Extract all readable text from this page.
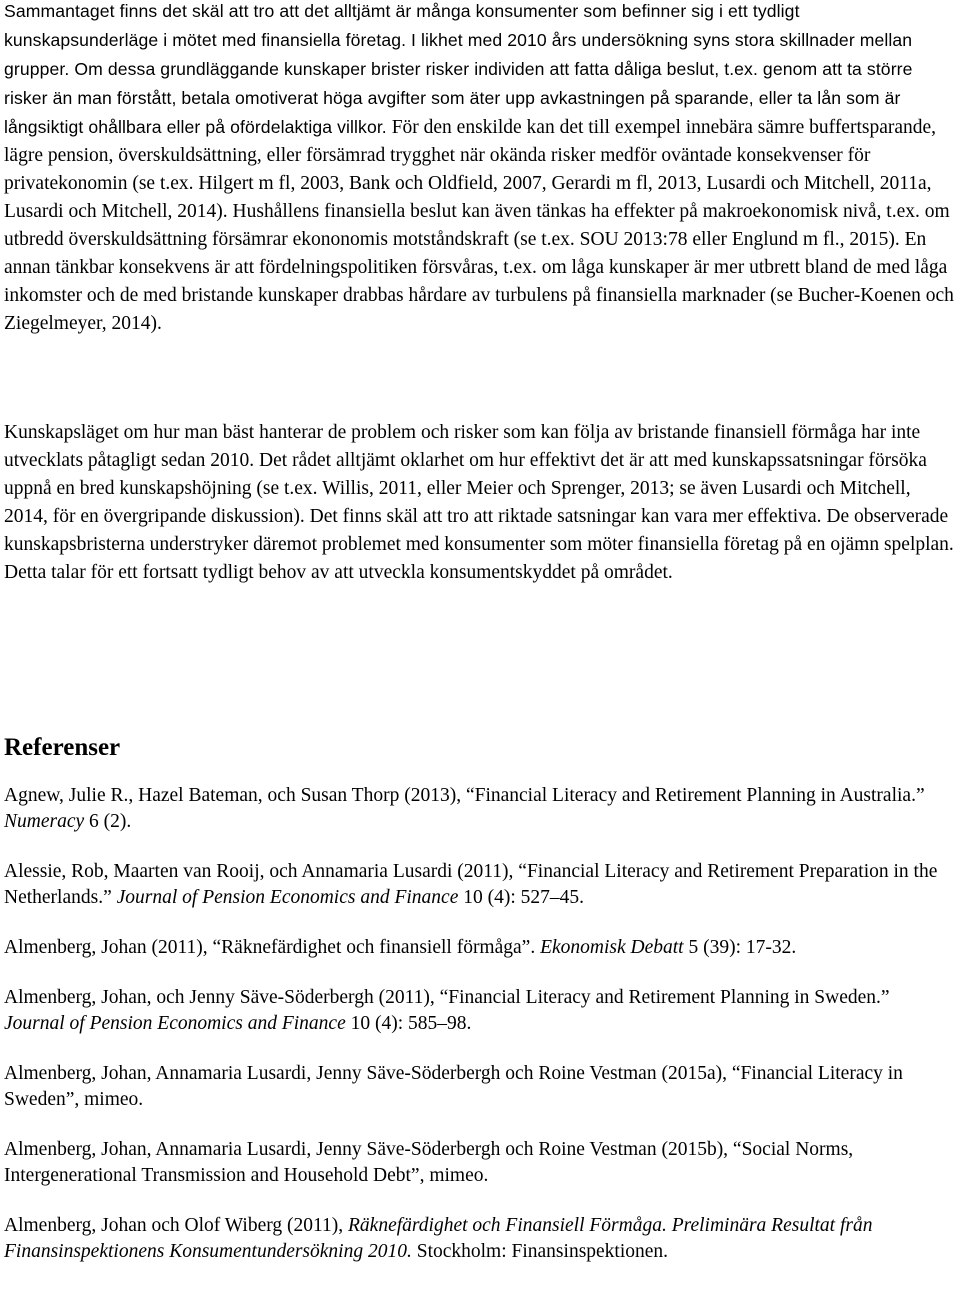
Sammantaget finns det skäl att tro att det alltjämt är många konsumenter som befinner sig i ett tydligt kunskapsunderläge i mötet med finansiella företag. I likhet med 2010 års undersökning syns stora skillnader mellan grupper. Om dessa grundläggande kunskaper brister risker individen att fatta dåliga beslut, t.ex. genom att ta större risker än man förstått, betala omotiverat höga avgifter som äter upp avkastningen på sparande, eller ta lån som är långsiktigt ohållbara eller på ofördelaktiga villkor. För den enskilde kan det till exempel innebära sämre buffertsparande, lägre pension, överskuldsättning, eller försämrad trygghet när okända risker medför oväntade konsekvenser för privatekonomin (se t.ex. Hilgert m fl, 2003, Bank och Oldfield, 2007, Gerardi m fl, 2013, Lusardi och Mitchell, 2011a, Lusardi och Mitchell, 2014). Hushållens finansiella beslut kan även tänkas ha effekter på makroekonomisk nivå, t.ex. om utbredd överskuldsättning försämrar ekononomis motståndskraft (se t.ex. SOU 2013:78 eller Englund m fl., 2015). En annan tänkbar konsekvens är att fördelningspolitiken försvåras, t.ex. om låga kunskaper är mer utbrett bland de med låga inkomster och de med bristande kunskaper drabbas hårdare av turbulens på finansiella marknader (se Bucher-Koenen och Ziegelmeyer, 2014).

Kunskapsläget om hur man bäst hanterar de problem och risker som kan följa av bristande finansiell förmåga har inte utvecklats påtagligt sedan 2010. Det rådet alltjämt oklarhet om hur effektivt det är att med kunskapssatsningar försöka uppnå en bred kunskapshöjning (se t.ex. Willis, 2011, eller Meier och Sprenger, 2013; se även Lusardi och Mitchell, 2014, för en övergripande diskussion). Det finns skäl att tro att riktade satsningar kan vara mer effektiva. De observerade kunskapsbristerna understryker däremot problemet med konsumenter som möter finansiella företag på en ojämn spelplan. Detta talar för ett fortsatt tydligt behov av att utveckla konsumentskyddet på området.

Referenser

Agnew, Julie R., Hazel Bateman, och Susan Thorp (2013), “Financial Literacy and Retirement Planning in Australia.” Numeracy 6 (2).

Alessie, Rob, Maarten van Rooij, och Annamaria Lusardi (2011), “Financial Literacy and Retirement Preparation in the Netherlands.” Journal of Pension Economics and Finance 10 (4): 527–45.

Almenberg, Johan (2011), “Räknefärdighet och finansiell förmåga”. Ekonomisk Debatt 5 (39): 17-32.

Almenberg, Johan, och Jenny Säve-Söderbergh (2011), “Financial Literacy and Retirement Planning in Sweden.” Journal of Pension Economics and Finance 10 (4): 585–98.

Almenberg, Johan, Annamaria Lusardi, Jenny Säve-Söderbergh och Roine Vestman (2015a), “Financial Literacy in Sweden”, mimeo.

Almenberg, Johan, Annamaria Lusardi, Jenny Säve-Söderbergh och Roine Vestman (2015b), “Social Norms, Intergenerational Transmission and Household Debt”, mimeo.

Almenberg, Johan och Olof Wiberg (2011), Räknefärdighet och Finansiell Förmåga. Preliminära Resultat från Finansinspektionens Konsumentundersökning 2010. Stockholm: Finansinspektionen.
